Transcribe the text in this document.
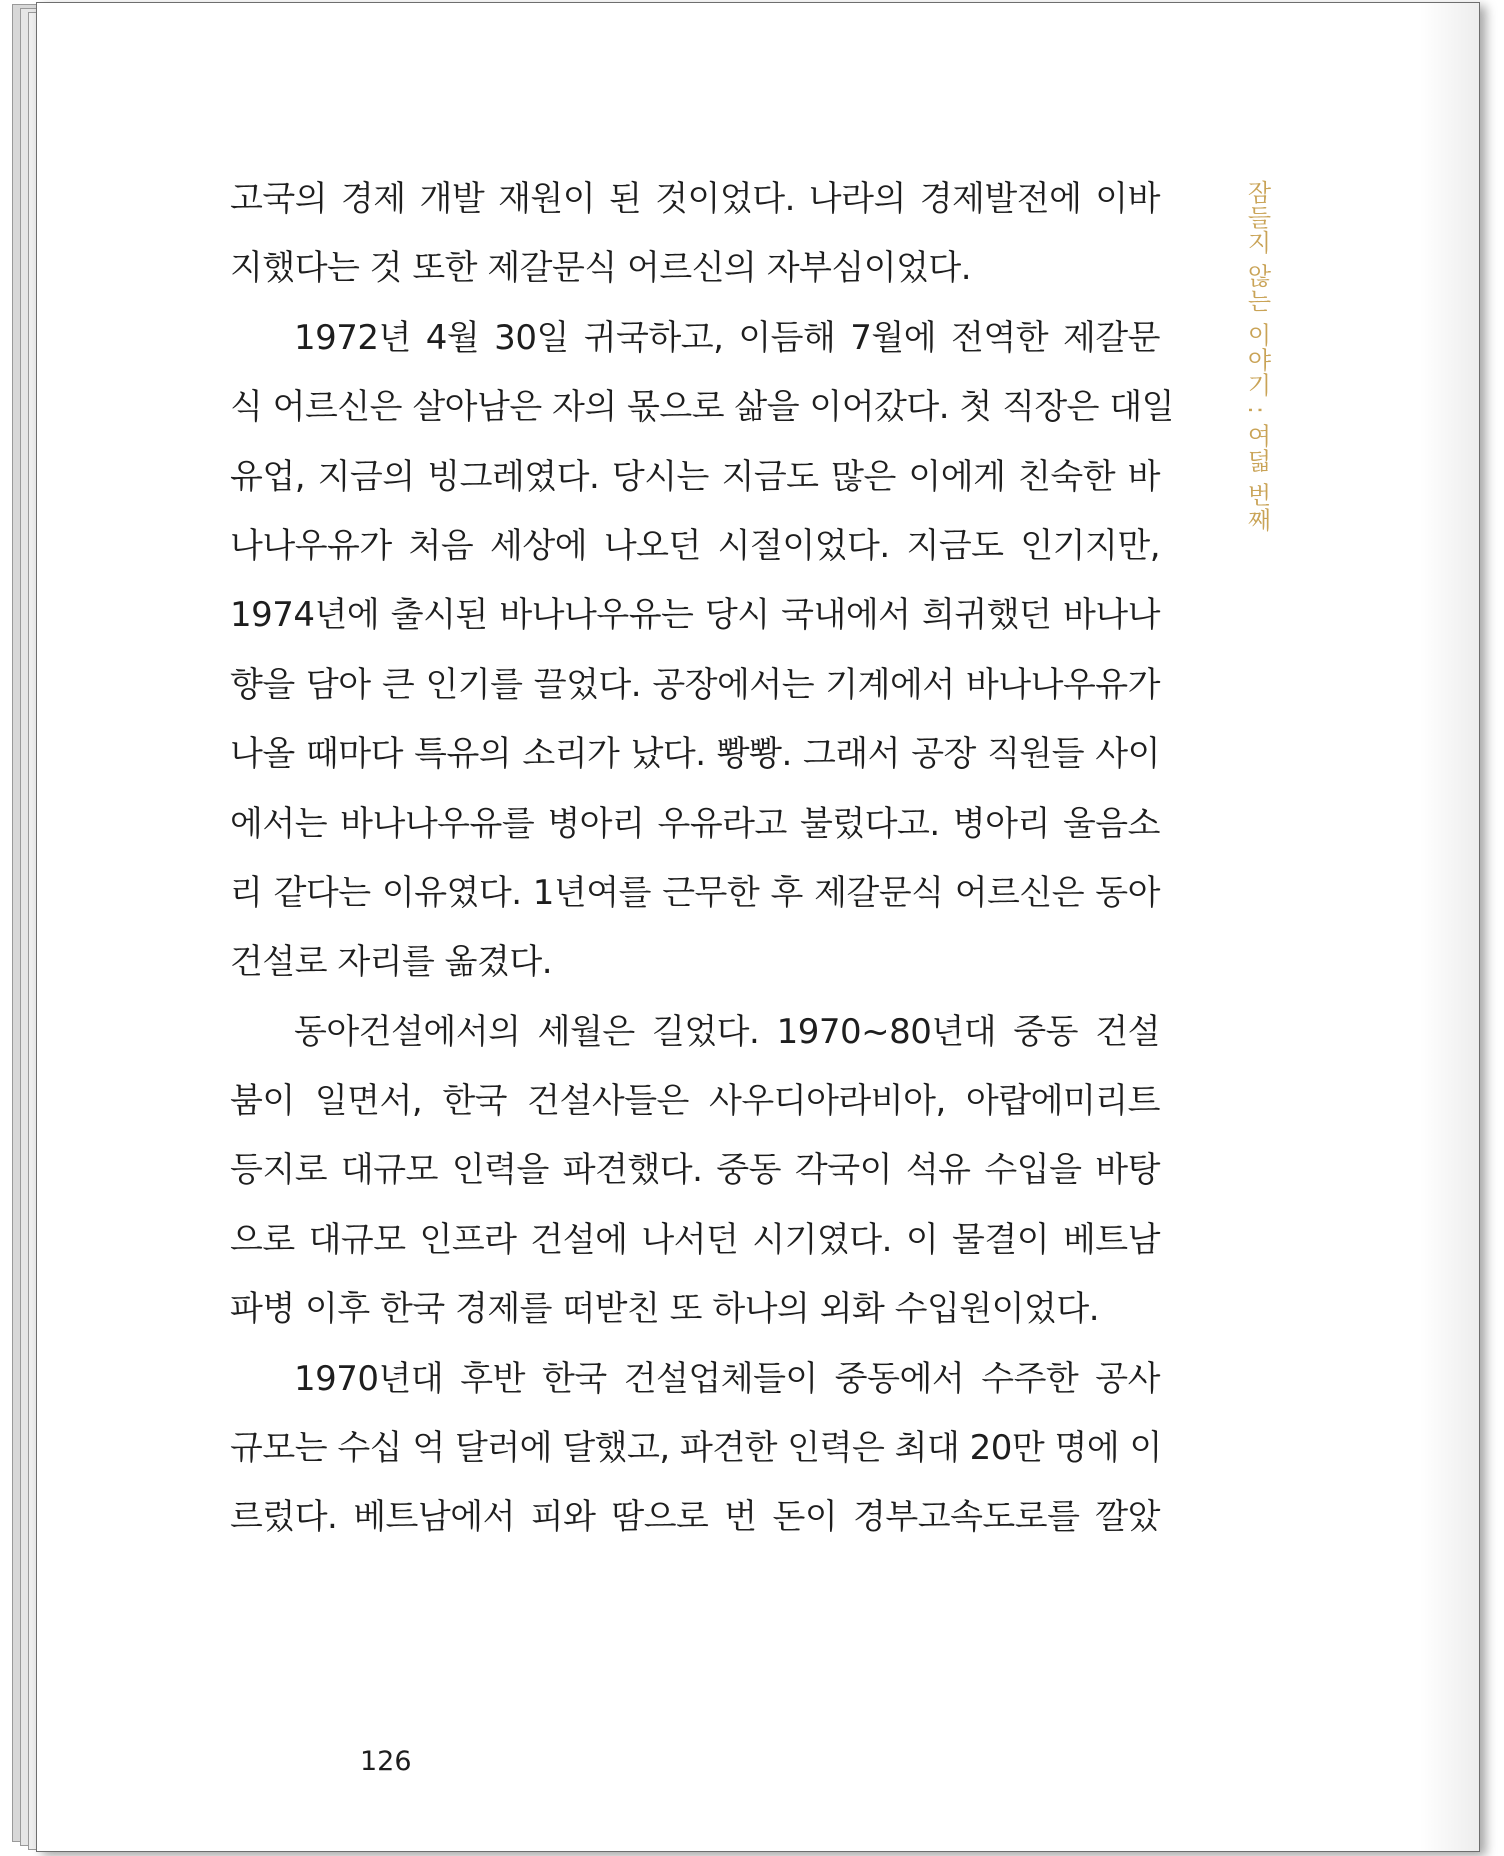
고국의 경제 개발 재원이 된 것이었다. 나라의 경제발전에 이바
지했다는 것 또한 제갈문식 어르신의 자부심이었다.
1972년 4월 30일 귀국하고, 이듬해 7월에 전역한 제갈문
식 어르신은 살아남은 자의 몫으로 삶을 이어갔다. 첫 직장은 대일
유업, 지금의 빙그레였다. 당시는 지금도 많은 이에게 친숙한 바
나나우유가 처음 세상에 나오던 시절이었다. 지금도 인기지만,
1974년에 출시된 바나나우유는 당시 국내에서 희귀했던 바나나
향을 담아 큰 인기를 끌었다. 공장에서는 기계에서 바나나우유가
나올 때마다 특유의 소리가 났다. 뽱뽱. 그래서 공장 직원들 사이
에서는 바나나우유를 병아리 우유라고 불렀다고. 병아리 울음소
리 같다는 이유였다. 1년여를 근무한 후 제갈문식 어르신은 동아
건설로 자리를 옮겼다.
동아건설에서의 세월은 길었다. 1970~80년대 중동 건설
붐이 일면서, 한국 건설사들은 사우디아라비아, 아랍에미리트
등지로 대규모 인력을 파견했다. 중동 각국이 석유 수입을 바탕
으로 대규모 인프라 건설에 나서던 시기였다. 이 물결이 베트남
파병 이후 한국 경제를 떠받친 또 하나의 외화 수입원이었다.
1970년대 후반 한국 건설업체들이 중동에서 수주한 공사
규모는 수십 억 달러에 달했고, 파견한 인력은 최대 20만 명에 이
르렀다. 베트남에서 피와 땀으로 번 돈이 경부고속도로를 깔았
잠들지 않는 이야기 : 여덟 번째
126
